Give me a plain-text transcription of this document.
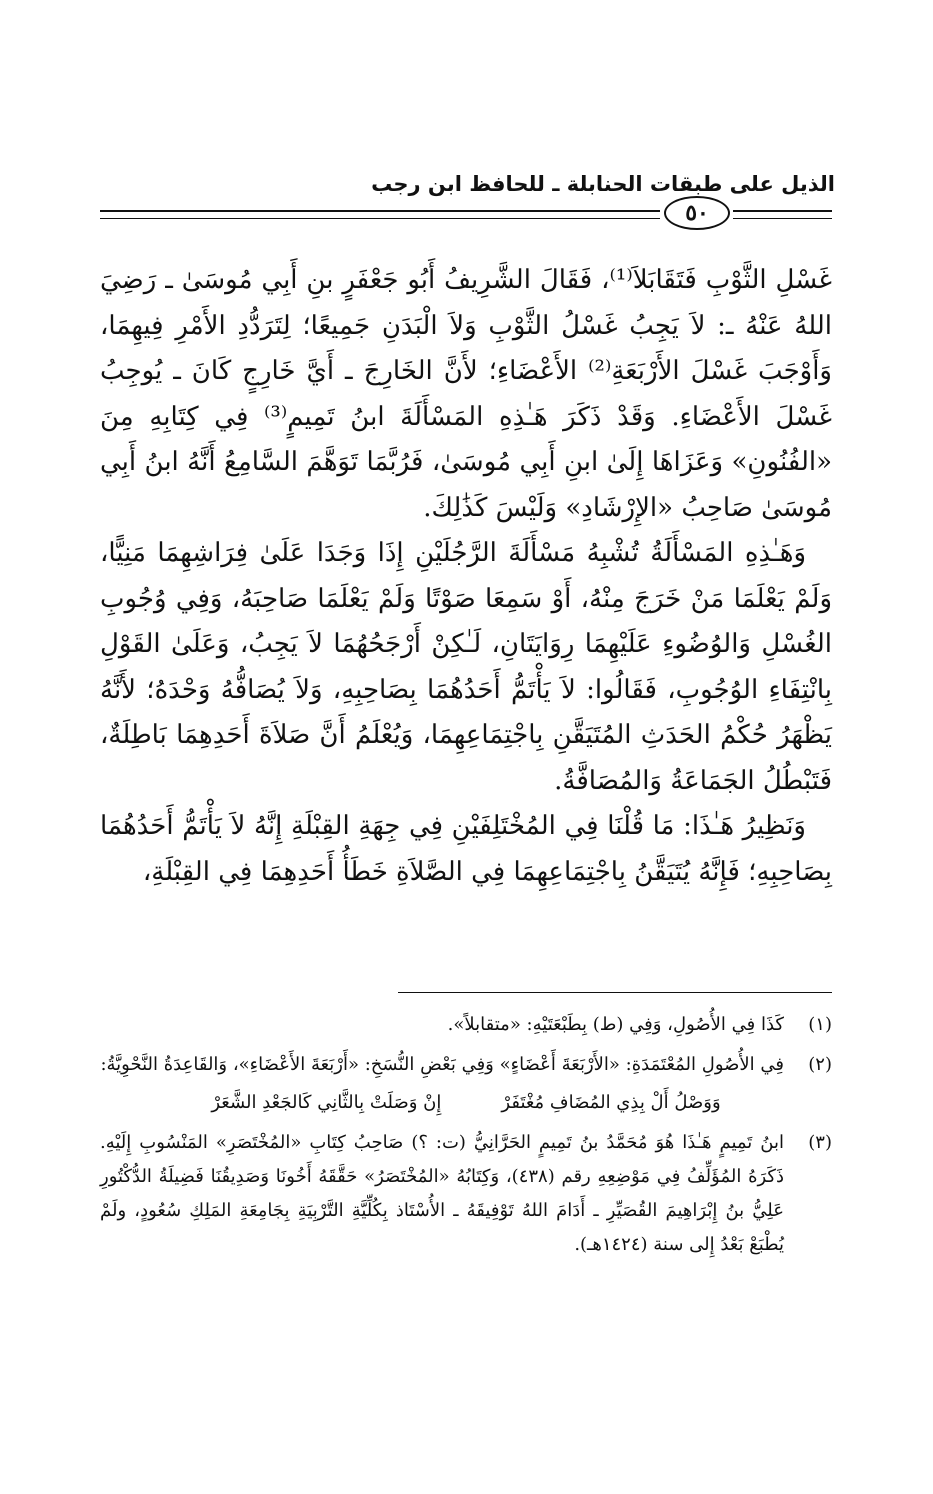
الذيل على طبقات الحنابلة ـ للحافظ ابن رجب
٥٠

غَسْلِ الثَّوْبِ فَتَقَابَلاَ⁽¹⁾، فَقَالَ الشَّرِيفُ أَبُو جَعْفَرٍ بنِ أَبِي مُوسَىٰ ـ رَضِيَ اللهُ عَنْهُ ـ: لاَ يَجِبُ غَسْلُ الثَّوْبِ وَلاَ الْبَدَنِ جَمِيعًا؛ لِتَرَدُّدِ الأَمْرِ فِيهِمَا، وَأَوْجَبَ غَسْلَ الأَرْبَعَةِ⁽²⁾ الأَعْضَاءِ؛ لأَنَّ الخَارِجَ ـ أَيَّ خَارِجٍ كَانَ ـ يُوجِبُ غَسْلَ الأَعْضَاءِ. وَقَدْ ذَكَرَ هَـٰذِهِ المَسْأَلَةَ ابنُ تَمِيمٍ⁽³⁾ فِي كِتَابِهِ مِنَ «الفُنُونِ» وَعَزَاهَا إِلَىٰ ابنِ أَبِي مُوسَىٰ، فَرُبَّمَا تَوَهَّمَ السَّامِعُ أَنَّهُ ابنُ أَبِي مُوسَىٰ صَاحِبُ «الإِرْشَادِ» وَلَيْسَ كَذَٰلِكَ.

وَهَـٰذِهِ المَسْأَلَةُ تُشْبِهُ مَسْأَلَةَ الرَّجُلَيْنِ إِذَا وَجَدَا عَلَىٰ فِرَاشِهِمَا مَنِيًّا، وَلَمْ يَعْلَمَا مَنْ خَرَجَ مِنْهُ، أَوْ سَمِعَا صَوْتًا وَلَمْ يَعْلَمَا صَاحِبَهُ، وَفِي وُجُوبِ الغُسْلِ وَالوُضُوءِ عَلَيْهِمَا رِوَايَتَانِ، لَـٰكِنْ أَرْجَحُهُمَا لاَ يَجِبُ، وَعَلَىٰ القَوْلِ بِانْتِفَاءِ الوُجُوبِ، فَقَالُوا: لاَ يَأْتَمُّ أَحَدُهُمَا بِصَاحِبِهِ، وَلاَ يُصَافُّهُ وَحْدَهُ؛ لأَنَّهُ يَظْهَرُ حُكْمُ الحَدَثِ المُتَيَقَّنِ بِاجْتِمَاعِهِمَا، وَيُعْلَمُ أَنَّ صَلاَةَ أَحَدِهِمَا بَاطِلَةٌ، فَتَبْطُلُ الجَمَاعَةُ وَالمُصَافَّةُ.

وَنَظِيرُ هَـٰذَا: مَا قُلْنَا فِي المُخْتَلِفَيْنِ فِي جِهَةِ القِبْلَةِ إِنَّهُ لاَ يَأْتَمُّ أَحَدُهُمَا بِصَاحِبِهِ؛ فَإِنَّهُ يُتَيَقَّنُ بِاجْتِمَاعِهِمَا فِي الصَّلاَةِ خَطَأُ أَحَدِهِمَا فِي القِبْلَةِ،

(١)
كَذَا فِي الأُصُولِ، وَفِي (ط) بِطَبْعَتَيْهِ: «متقابلاً».
(٢)
فِي الأُصُولِ المُعْتَمَدَةِ: «الأَرْبَعَةَ أَعْضَاءٍ» وَفِي بَعْضِ النُّسَخِ: «أَرْبَعَةَ الأَعْضَاءِ»، وَالقَاعِدَةُ النَّحْوِيَّةُ:
وَوَصْلُ أَلْ بِذِي المُضَافِ مُغْتَفَرْ
إِنْ وَصَلَتْ بِالثَّانِي كَالجَعْدِ الشَّعَرْ
(٣)
ابنُ تَمِيمٍ هَـٰذَا هُوَ مُحَمَّدُ بنُ تَمِيمٍ الحَرَّانِيُّ (ت: ؟) صَاحِبُ كِتَابِ «المُخْتَصَرِ» المَنْسُوبِ إِلَيْهِ. ذَكَرَهُ المُؤَلِّفُ فِي مَوْضِعِهِ رقم (٤٣٨)، وَكِتَابُهُ «المُخْتَصَرُ» حَقَّقَهُ أَخُونَا وَصَدِيقُنَا فَضِيلَةُ الدُّكْتُورِ عَلِيُّ بنُ إِبْرَاهِيمَ القُصَيِّرِ ـ أَدَامَ اللهُ تَوْفِيقَهُ ـ الأُسْتَاذ بِكُلِّيَّةِ التَّرْبِيَةِ بِجَامِعَةِ المَلِكِ سُعُودٍ، ولَمْ يُطْبَعْ بَعْدُ إِلى سنة (١٤٢٤هـ).
